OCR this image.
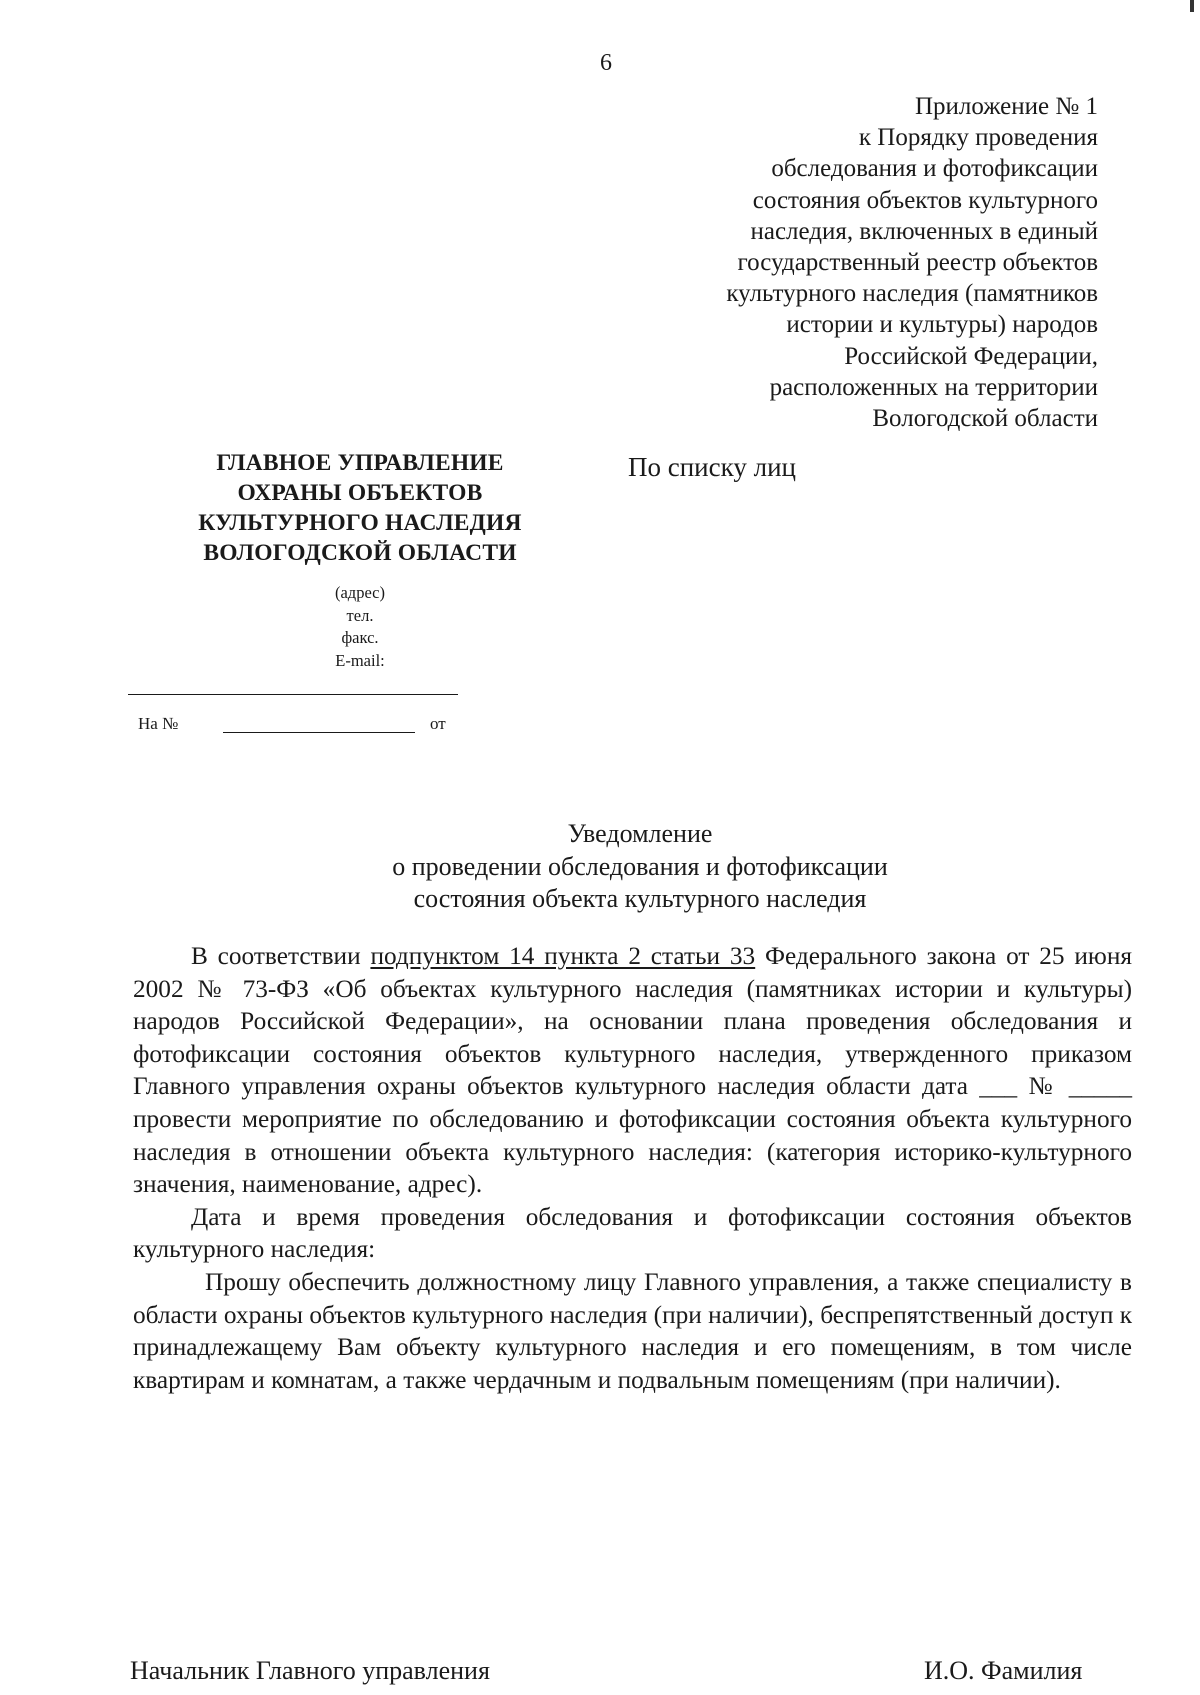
6
Приложение № 1
к Порядку проведения
обследования и фотофиксации
состояния объектов культурного
наследия, включенных в единый
государственный реестр объектов
культурного наследия (памятников
истории и культуры) народов
Российской Федерации,
расположенных на территории
Вологодской области
ГЛАВНОЕ УПРАВЛЕНИЕ
ОХРАНЫ ОБЪЕКТОВ
КУЛЬТУРНОГО НАСЛЕДИЯ
ВОЛОГОДСКОЙ ОБЛАСТИ
По списку лиц
(адрес)
тел.
факс.
E-mail:
На №	от
Уведомление
о проведении обследования и фотофиксации
состояния объекта культурного наследия

В соответствии подпунктом 14 пункта 2 статьи 33 Федерального закона от 25 июня 2002 № 73-ФЗ «Об объектах культурного наследия (памятниках истории и культуры) народов Российской Федерации», на основании плана проведения обследования и фотофиксации состояния объектов культурного наследия, утвержденного приказом Главного управления охраны объектов культурного наследия области дата ___ № _____ провести мероприятие по обследованию и фотофиксации состояния объекта культурного наследия в отношении объекта культурного наследия: (категория историко-культурного значения, наименование, адрес).

Дата и время проведения обследования и фотофиксации состояния объектов культурного наследия:

Прошу обеспечить должностному лицу Главного управления, а также специалисту в области охраны объектов культурного наследия (при наличии), беспрепятственный доступ к принадлежащему Вам объекту культурного наследия и его помещениям, в том числе квартирам и комнатам, а также чердачным и подвальным помещениям (при наличии).

Начальник Главного управления	И.О. Фамилия
